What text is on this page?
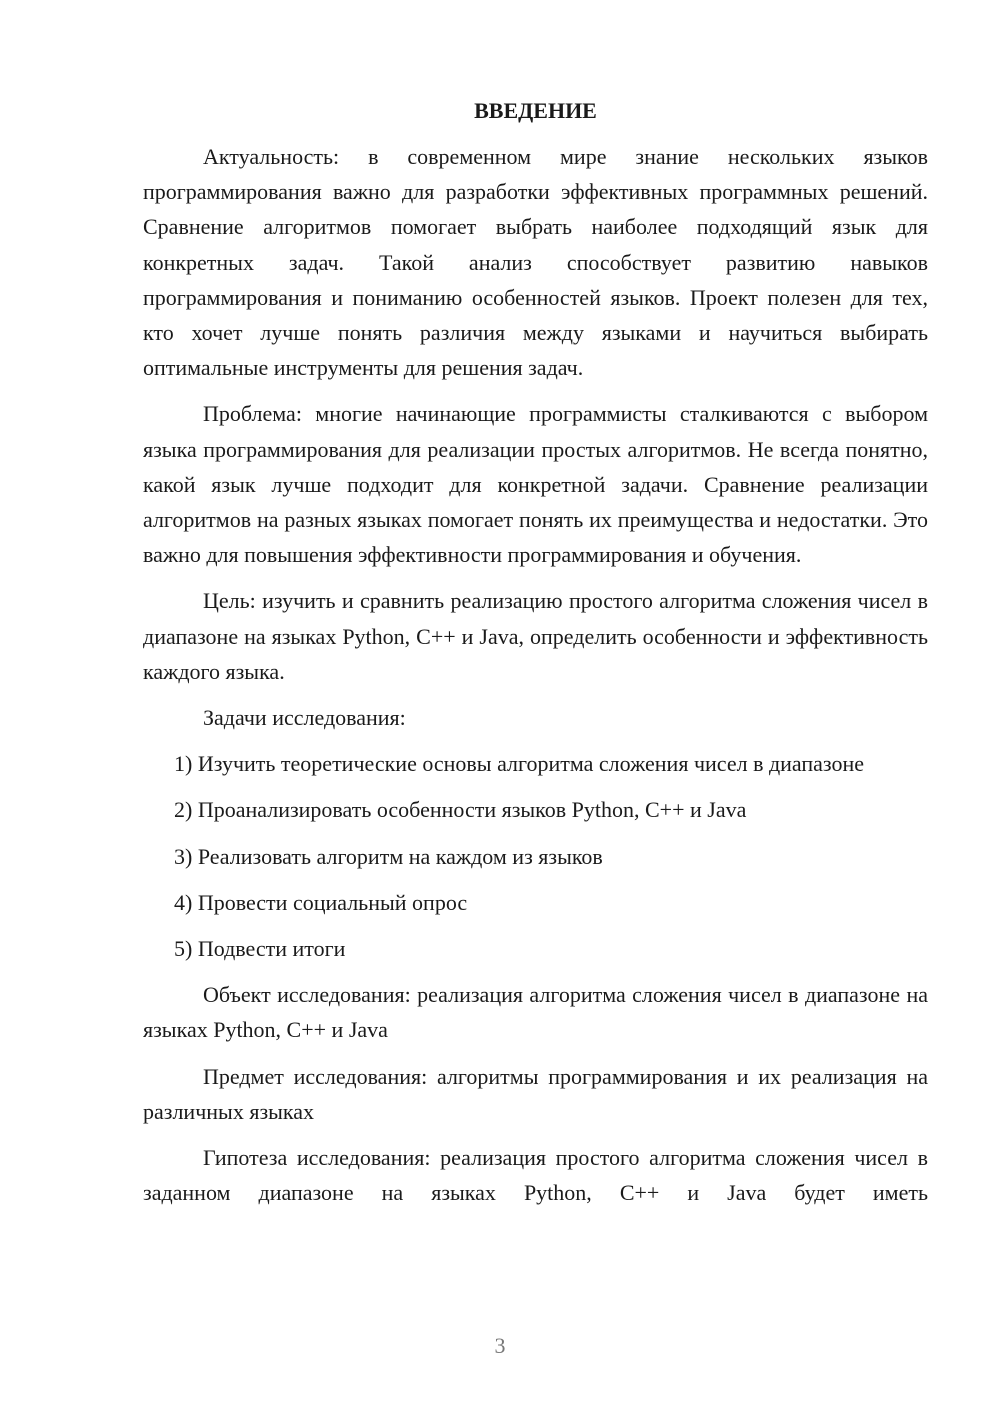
ВВЕДЕНИЕ

Актуальность: в современном мире знание нескольких языков программирования важно для разработки эффективных программных решений. Сравнение алгоритмов помогает выбрать наиболее подходящий язык для конкретных задач. Такой анализ способствует развитию навыков программирования и пониманию особенностей языков. Проект полезен для тех, кто хочет лучше понять различия между языками и научиться выбирать оптимальные инструменты для решения задач.

Проблема: многие начинающие программисты сталкиваются с выбором языка программирования для реализации простых алгоритмов. Не всегда понятно, какой язык лучше подходит для конкретной задачи. Сравнение реализации алгоритмов на разных языках помогает понять их преимущества и недостатки. Это важно для повышения эффективности программирования и обучения.

Цель: изучить и сравнить реализацию простого алгоритма сложения чисел в диапазоне на языках Python, C++ и Java, определить особенности и эффективность каждого языка.

Задачи исследования:

1) Изучить теоретические основы алгоритма сложения чисел в диапазоне
2) Проанализировать особенности языков Python, C++ и Java
3) Реализовать алгоритм на каждом из языков
4) Провести социальный опрос
5) Подвести итоги

Объект исследования: реализация алгоритма сложения чисел в диапазоне на языках Python, C++ и Java

Предмет исследования: алгоритмы программирования и их реализация на различных языках

Гипотеза исследования: реализация простого алгоритма сложения чисел в заданном диапазоне на языках Python, C++ и Java будет иметь

3
